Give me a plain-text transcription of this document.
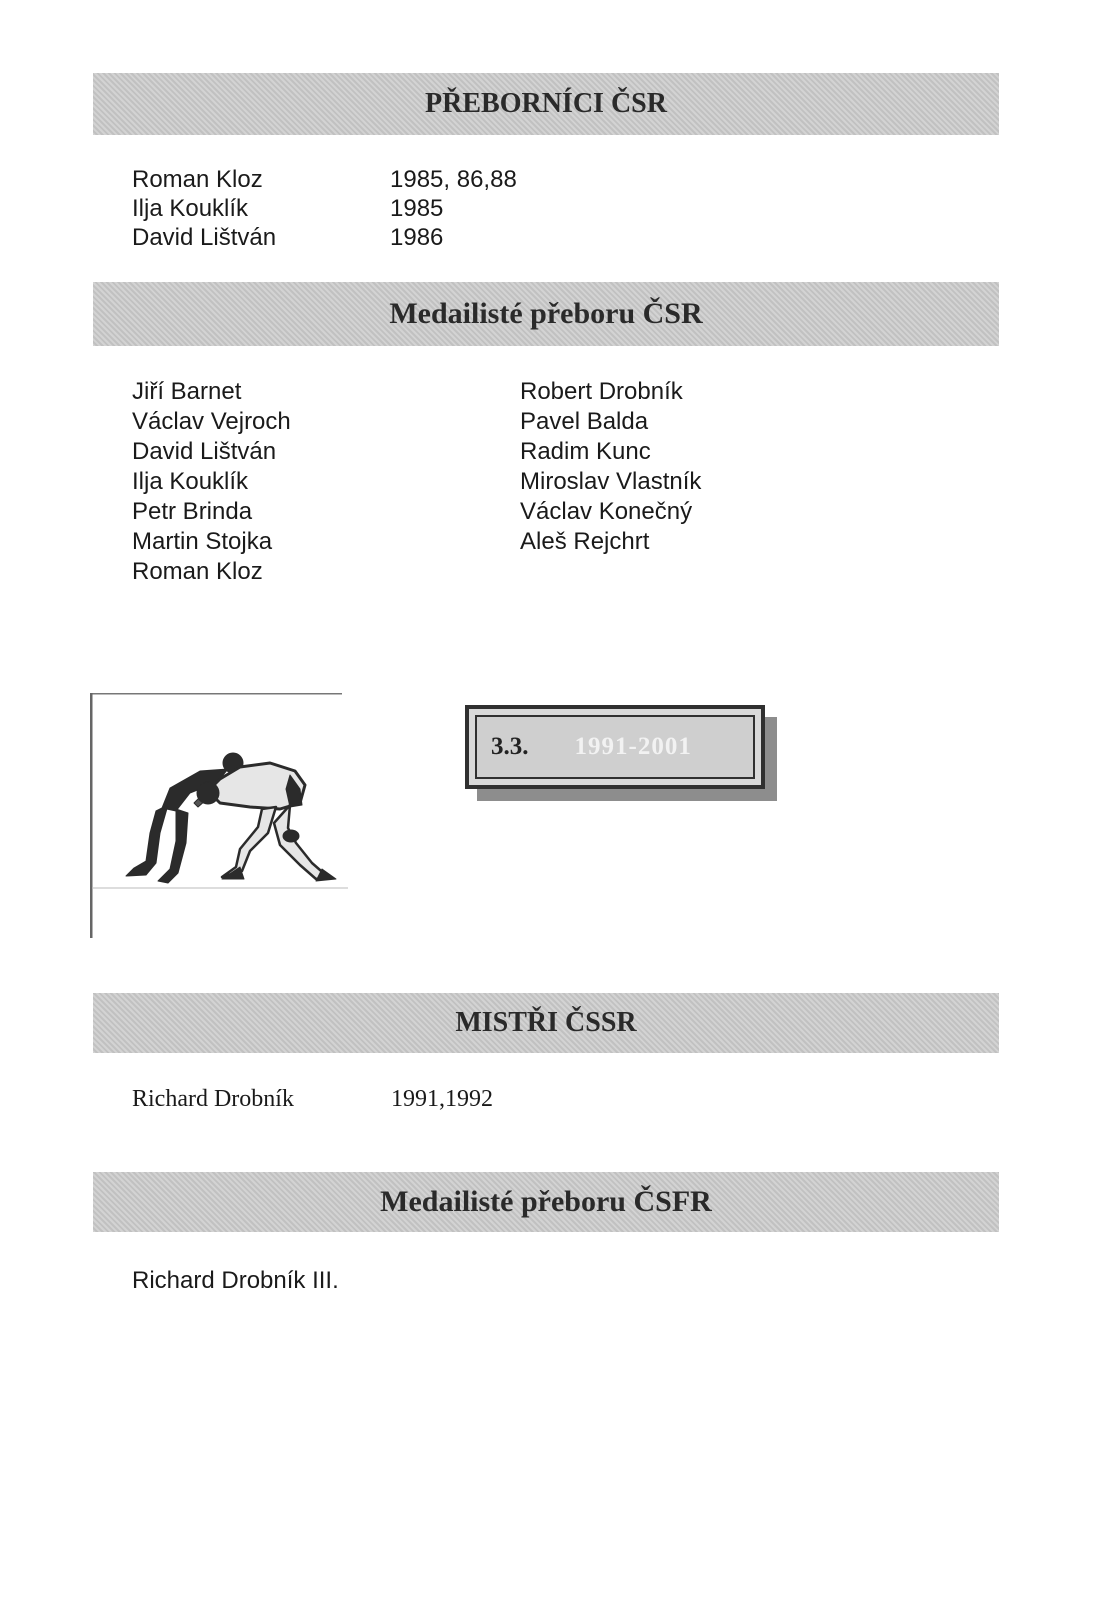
PŘEBORNÍCI ČSR
Roman Kloz	1985, 86,88
Ilja Kouklík	1985
David Lištván	1986
Medailisté přeboru ČSR
Jiří Barnet
Václav Vejroch
David Lištván
Ilja Kouklík
Petr Brinda
Martin Stojka
Roman Kloz
Robert Drobník
Pavel Balda
Radim Kunc
Miroslav Vlastník
Václav Konečný
Aleš Rejchrt
3.3. 1991-2001
MISTŘI ČSSR
Richard Drobník	1991,1992
Medailisté přeboru ČSFR
Richard Drobník III.
